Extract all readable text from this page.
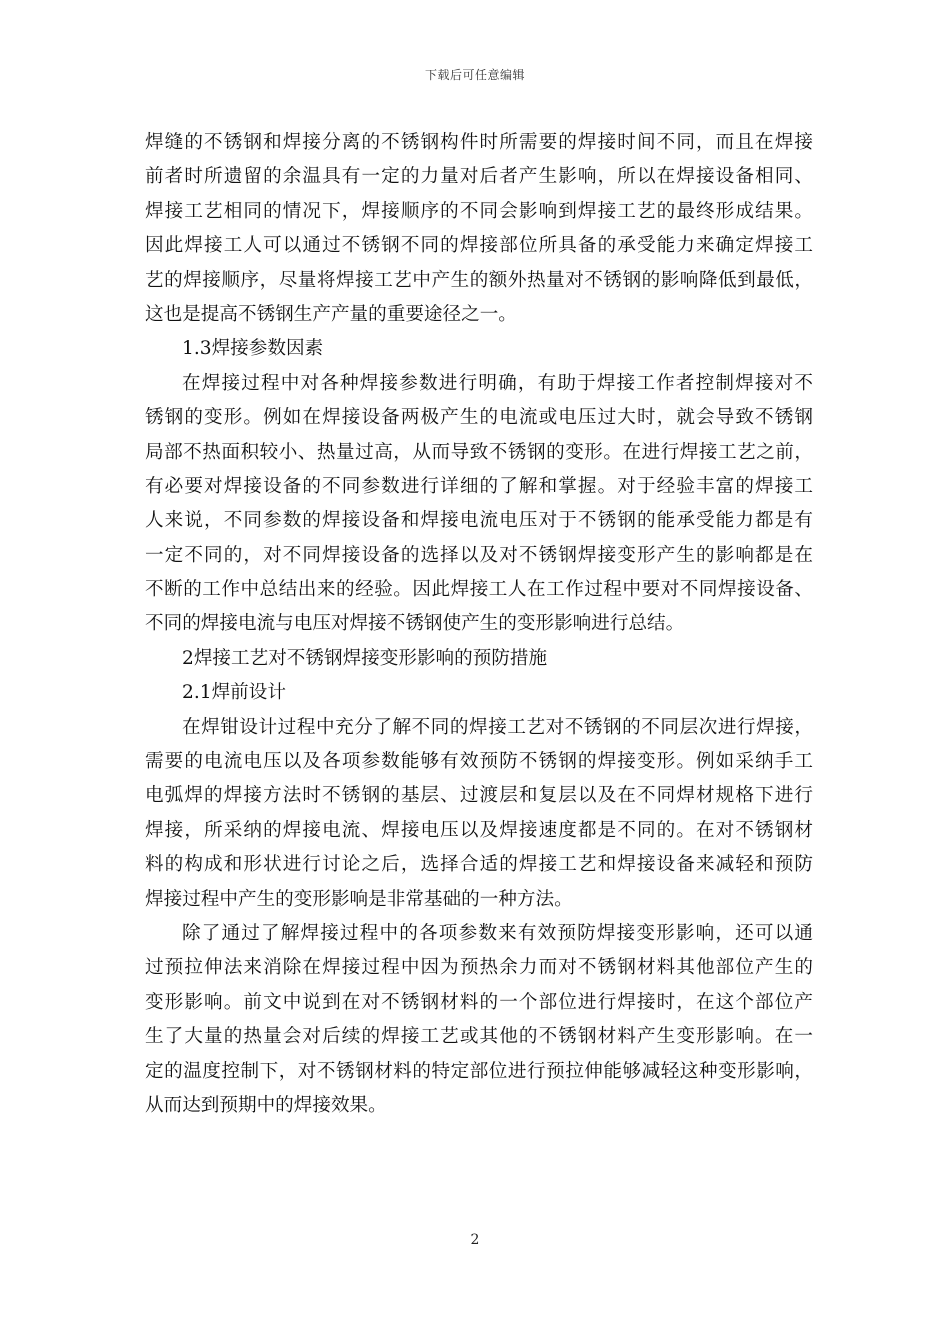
下载后可任意编辑
焊缝的不锈钢和焊接分离的不锈钢构件时所需要的焊接时间不同，而且在焊接
前者时所遗留的余温具有一定的力量对后者产生影响，所以在焊接设备相同、
焊接工艺相同的情况下，焊接顺序的不同会影响到焊接工艺的最终形成结果。
因此焊接工人可以通过不锈钢不同的焊接部位所具备的承受能力来确定焊接工
艺的焊接顺序，尽量将焊接工艺中产生的额外热量对不锈钢的影响降低到最低，
这也是提高不锈钢生产产量的重要途径之一。
1.3焊接参数因素
在焊接过程中对各种焊接参数进行明确，有助于焊接工作者控制焊接对不
锈钢的变形。例如在焊接设备两极产生的电流或电压过大时，就会导致不锈钢
局部不热面积较小、热量过高，从而导致不锈钢的变形。在进行焊接工艺之前，
有必要对焊接设备的不同参数进行详细的了解和掌握。对于经验丰富的焊接工
人来说，不同参数的焊接设备和焊接电流电压对于不锈钢的能承受能力都是有
一定不同的，对不同焊接设备的选择以及对不锈钢焊接变形产生的影响都是在
不断的工作中总结出来的经验。因此焊接工人在工作过程中要对不同焊接设备、
不同的焊接电流与电压对焊接不锈钢使产生的变形影响进行总结。
2焊接工艺对不锈钢焊接变形影响的预防措施
2.1焊前设计
在焊钳设计过程中充分了解不同的焊接工艺对不锈钢的不同层次进行焊接，
需要的电流电压以及各项参数能够有效预防不锈钢的焊接变形。例如采纳手工
电弧焊的焊接方法时不锈钢的基层、过渡层和复层以及在不同焊材规格下进行
焊接，所采纳的焊接电流、焊接电压以及焊接速度都是不同的。在对不锈钢材
料的构成和形状进行讨论之后，选择合适的焊接工艺和焊接设备来减轻和预防
焊接过程中产生的变形影响是非常基础的一种方法。
除了通过了解焊接过程中的各项参数来有效预防焊接变形影响，还可以通
过预拉伸法来消除在焊接过程中因为预热余力而对不锈钢材料其他部位产生的
变形影响。前文中说到在对不锈钢材料的一个部位进行焊接时，在这个部位产
生了大量的热量会对后续的焊接工艺或其他的不锈钢材料产生变形影响。在一
定的温度控制下，对不锈钢材料的特定部位进行预拉伸能够减轻这种变形影响，
从而达到预期中的焊接效果。
2
